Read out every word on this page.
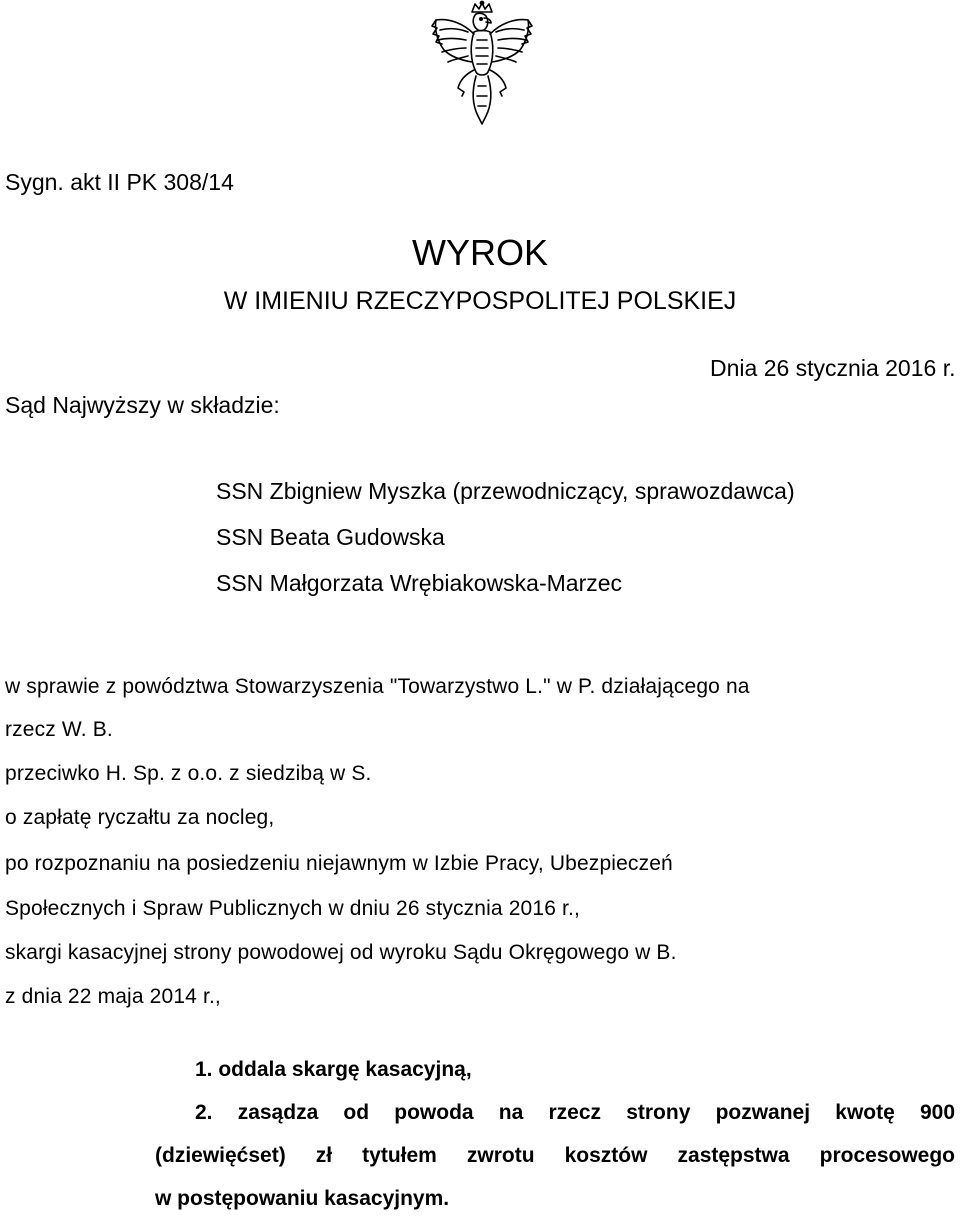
Sygn. akt II PK 308/14
WYROK
W IMIENIU RZECZYPOSPOLITEJ POLSKIEJ
Dnia 26 stycznia 2016 r.
Sąd Najwyższy w składzie:
SSN Zbigniew Myszka (przewodniczący, sprawozdawca)
SSN Beata Gudowska
SSN Małgorzata Wrębiakowska-Marzec
w sprawie z powództwa Stowarzyszenia "Towarzystwo L." w P. działającego na
rzecz W. B.
przeciwko H. Sp. z o.o. z siedzibą w S.
o zapłatę ryczałtu za nocleg,
po rozpoznaniu na posiedzeniu niejawnym w Izbie Pracy, Ubezpieczeń
Społecznych i Spraw Publicznych w dniu 26 stycznia 2016 r.,
skargi kasacyjnej strony powodowej od wyroku Sądu Okręgowego w B.
z dnia 22 maja 2014 r.,
1. oddala skargę kasacyjną,
2. zasądza od powoda na rzecz strony pozwanej kwotę 900
(dziewięćset) zł tytułem zwrotu kosztów zastępstwa procesowego
w postępowaniu kasacyjnym.
